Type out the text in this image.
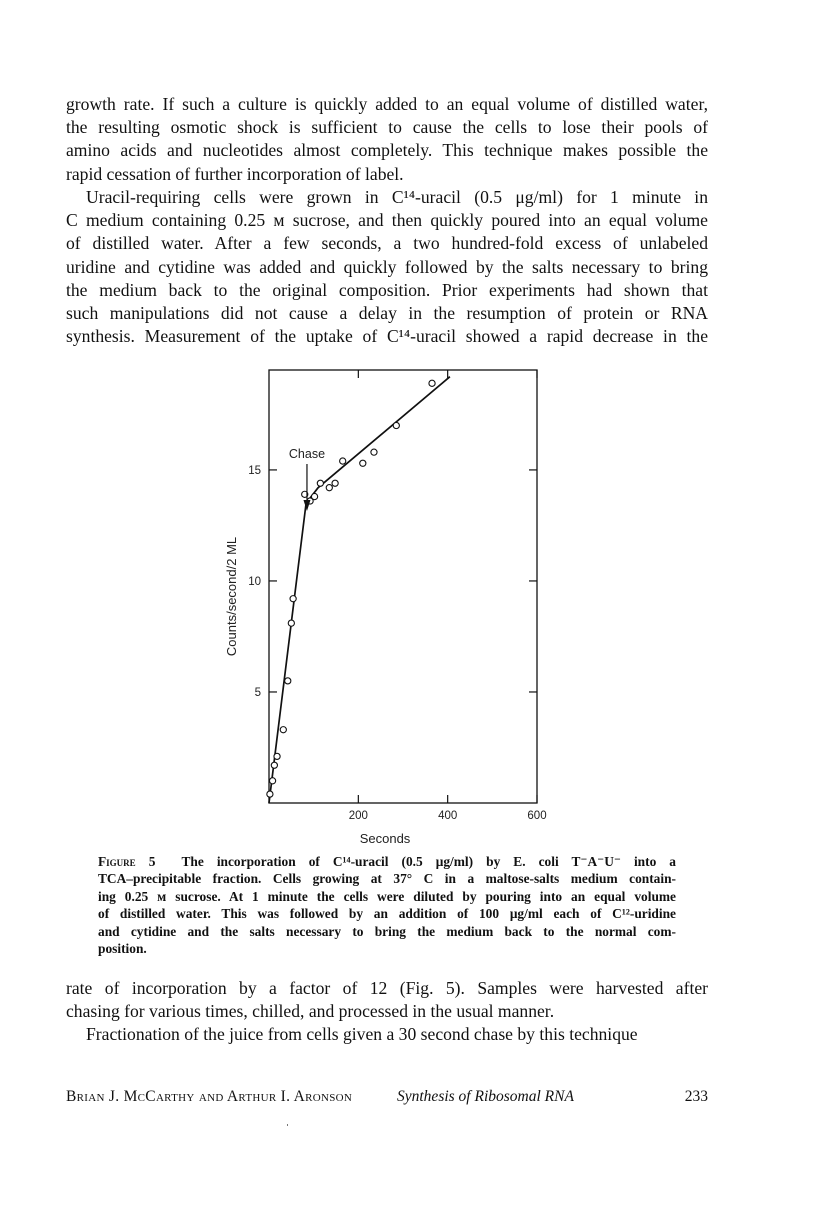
growth rate. If such a culture is quickly added to an equal volume of distilled water,
the resulting osmotic shock is sufficient to cause the cells to lose their pools of
amino acids and nucleotides almost completely. This technique makes possible the
rapid cessation of further incorporation of label.
Uracil-requiring cells were grown in C¹⁴-uracil (0.5 μg/ml) for 1 minute in
C medium containing 0.25 ᴍ sucrose, and then quickly poured into an equal volume
of distilled water. After a few seconds, a two hundred-fold excess of unlabeled
uridine and cytidine was added and quickly followed by the salts necessary to bring
the medium back to the original composition. Prior experiments had shown that
such manipulations did not cause a delay in the resumption of protein or RNA
synthesis. Measurement of the uptake of C¹⁴-uracil showed a rapid decrease in the
200	400	600
5
10
15
Seconds
Counts/second/2 ML
Chase
Figure 5 The incorporation of C¹⁴-uracil (0.5 μg/ml) by E. coli T⁻A⁻U⁻ into a
TCA–precipitable fraction. Cells growing at 37° C in a maltose-salts medium contain-
ing 0.25 ᴍ sucrose. At 1 minute the cells were diluted by pouring into an equal volume
of distilled water. This was followed by an addition of 100 μg/ml each of C¹²-uridine
and cytidine and the salts necessary to bring the medium back to the normal com-
position.
rate of incorporation by a factor of 12 (Fig. 5). Samples were harvested after
chasing for various times, chilled, and processed in the usual manner.
Fractionation of the juice from cells given a 30 second chase by this technique
Brian J. McCarthy and Arthur I. Aronson	Synthesis of Ribosomal RNA	233
